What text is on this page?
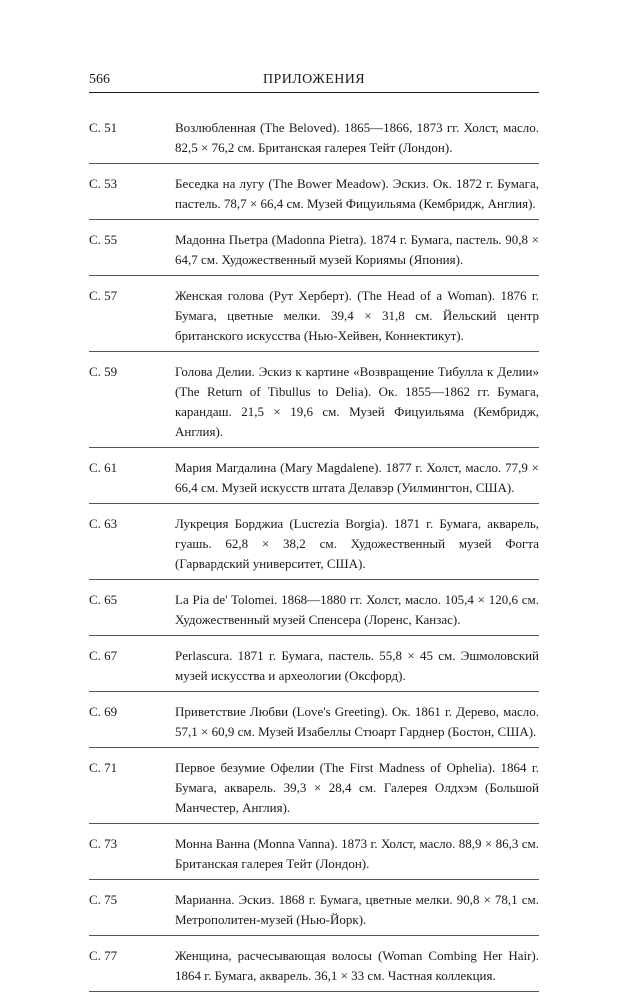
566	ПРИЛОЖЕНИЯ
С. 51	Возлюбленная (The Beloved). 1865—1866, 1873 гг. Холст, масло. 82,5 × 76,2 см. Британская галерея Тейт (Лондон).
С. 53	Беседка на лугу (The Bower Meadow). Эскиз. Ок. 1872 г. Бумага, пастель. 78,7 × 66,4 см. Музей Фицуильяма (Кембридж, Англия).
С. 55	Мадонна Пьетра (Madonna Pietra). 1874 г. Бумага, пастель. 90,8 × 64,7 см. Художественный музей Кориямы (Япония).
С. 57	Женская голова (Рут Херберт). (The Head of a Woman). 1876 г. Бумага, цветные мелки. 39,4 × 31,8 см. Йельский центр британского искусства (Нью-Хейвен, Коннектикут).
С. 59	Голова Делии. Эскиз к картине «Возвращение Тибулла к Делии» (The Return of Tibullus to Delia). Ок. 1855—1862 гг. Бумага, карандаш. 21,5 × 19,6 см. Музей Фицуильяма (Кембридж, Англия).
С. 61	Мария Магдалина (Mary Magdalene). 1877 г. Холст, масло. 77,9 × 66,4 см. Музей искусств штата Делавэр (Уилмингтон, США).
С. 63	Лукреция Борджиа (Lucrezia Borgia). 1871 г. Бумага, акварель, гуашь. 62,8 × 38,2 см. Художественный музей Фогта (Гарвардский университет, США).
С. 65	La Pia de' Tolomei. 1868—1880 гг. Холст, масло. 105,4 × 120,6 см. Художественный музей Спенсера (Лоренс, Канзас).
С. 67	Perlascura. 1871 г. Бумага, пастель. 55,8 × 45 см. Эшмоловский музей искусства и археологии (Оксфорд).
С. 69	Приветствие Любви (Love's Greeting). Ок. 1861 г. Дерево, масло. 57,1 × 60,9 см. Музей Изабеллы Стюарт Гарднер (Бостон, США).
С. 71	Первое безумие Офелии (The First Madness of Ophelia). 1864 г. Бумага, акварель. 39,3 × 28,4 см. Галерея Олдхэм (Большой Манчестер, Англия).
С. 73	Монна Ванна (Monna Vanna). 1873 г. Холст, масло. 88,9 × 86,3 см. Британская галерея Тейт (Лондон).
С. 75	Марианна. Эскиз. 1868 г. Бумага, цветные мелки. 90,8 × 78,1 см. Метрополитен-музей (Нью-Йорк).
С. 77	Женщина, расчесывающая волосы (Woman Combing Her Hair). 1864 г. Бумага, акварель. 36,1 × 33 см. Частная коллекция.
